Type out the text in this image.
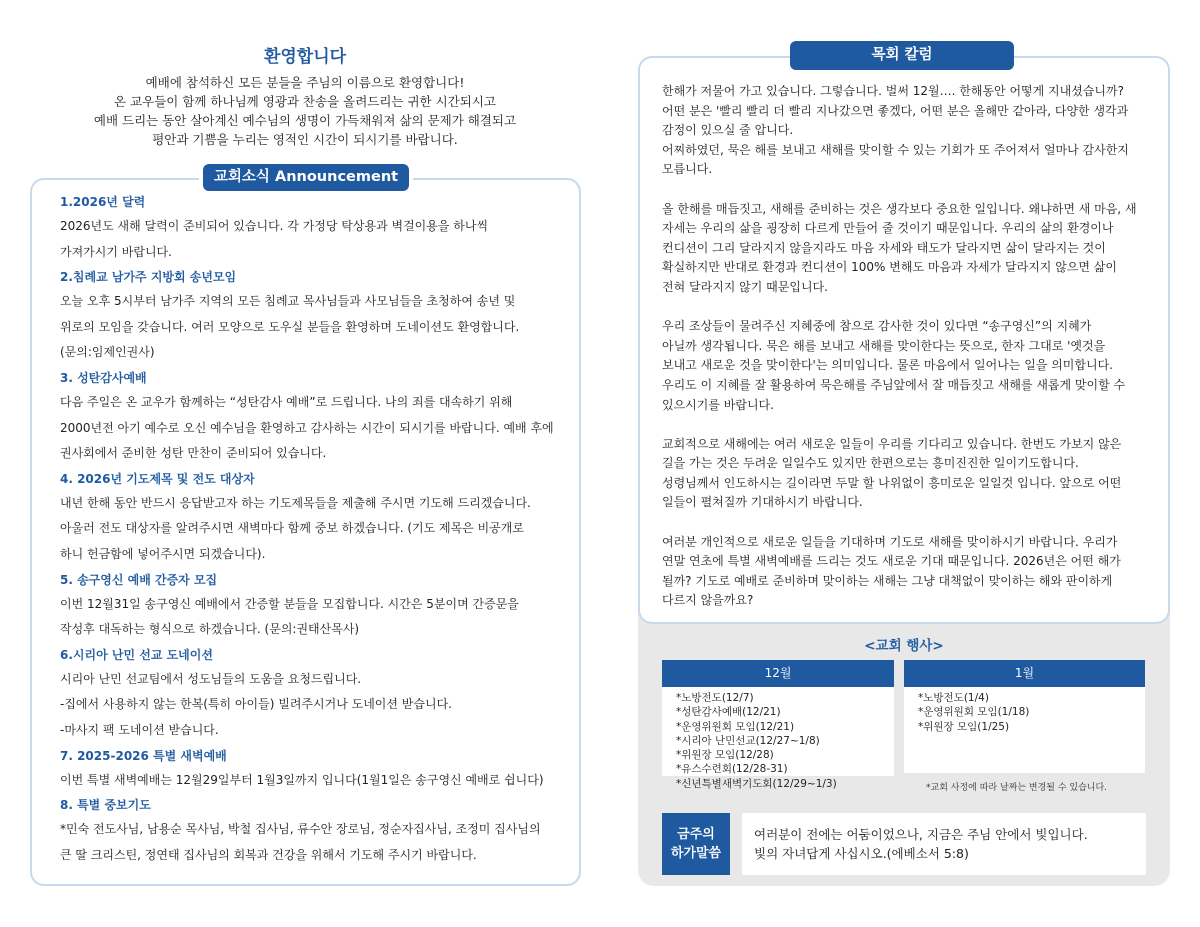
환영합니다
예배에 참석하신 모든 분들을 주님의 이름으로 환영합니다!
온 교우들이 함께 하나님께 영광과 찬송을 올려드리는 귀한 시간되시고
예배 드리는 동안 살아계신 예수님의 생명이 가득채워져 삶의 문제가 해결되고
평안과 기쁨을 누리는 영적인 시간이 되시기를 바랍니다.
교회소식 Announcement
1.2026년 달력
2026년도 새해 달력이 준비되어 있습니다. 각 가정당 탁상용과 벽걸이용을 하나씩
가져가시기 바랍니다.
2.침례교 남가주 지방회 송년모임
오늘 오후 5시부터 남가주 지역의 모든 침례교 목사님들과 사모님들을 초청하여 송년 및
위로의 모임을 갖습니다. 여러 모양으로 도우실 분들을 환영하며 도네이션도 환영합니다.
(문의:임제인권사)
3. 성탄감사예배
다음 주일은 온 교우가 함께하는 “성탄감사 예배”로 드립니다. 나의 죄를 대속하기 위해
2000년전 아기 예수로 오신 예수님을 환영하고 감사하는 시간이 되시기를 바랍니다. 예배 후에
권사회에서 준비한 성탄 만찬이 준비되어 있습니다.
4. 2026년 기도제목 및 전도 대상자
내년 한해 동안 반드시 응답받고자 하는 기도제목들을 제출해 주시면 기도해 드리겠습니다.
아울러 전도 대상자를 알려주시면 새벽마다 함께 중보 하겠습니다. (기도 제목은 비공개로
하니 헌금함에 넣어주시면 되겠습니다).
5. 송구영신 예배 간증자 모집
이번 12월31일 송구영신 예배에서 간증할 분들을 모집합니다. 시간은 5분이며 간증문을
작성후 대독하는 형식으로 하겠습니다. (문의:권태산목사)
6.시리아 난민 선교 도네이션
시리아 난민 선교팀에서 성도님들의 도움을 요청드립니다.
-집에서 사용하지 않는 한복(특히 아이들) 빌려주시거나 도네이션 받습니다.
-마사지 팩 도네이션 받습니다.
7. 2025-2026 특별 새벽예배
이번 특별 새벽예배는 12월29일부터 1월3일까지 입니다(1월1일은 송구영신 예배로 쉽니다)
8. 특별 중보기도
*민숙 전도사님, 남용순 목사님, 박철 집사님, 류수안 장로님, 정순자집사님, 조정미 집사님의
큰 딸 크리스틴, 정연태 집사님의 회복과 건강을 위해서 기도해 주시기 바랍니다.
목회 칼럼
한해가 저물어 가고 있습니다. 그렇습니다. 벌써 12월…. 한해동안 어떻게 지내셨습니까?
어떤 분은 '빨리 빨리 더 빨리 지나갔으면 좋겠다, 어떤 분은 올해만 같아라, 다양한 생각과
감정이 있으실 줄 압니다.
어찌하였던, 묵은 해를 보내고 새해를 맞이할 수 있는 기회가 또 주어져서 얼마나 감사한지
모릅니다.

올 한해를 매듭짓고, 새해를 준비하는 것은 생각보다 중요한 일입니다. 왜냐하면 새 마음, 새
자세는 우리의 삶을 굉장히 다르게 만들어 줄 것이기 때문입니다. 우리의 삶의 환경이나
컨디션이 그리 달라지지 않을지라도 마음 자세와 태도가 달라지면 삶이 달라지는 것이
확실하지만 반대로 환경과 컨디션이 100% 변해도 마음과 자세가 달라지지 않으면 삶이
전혀 달라지지 않기 때문입니다.

우리 조상들이 물려주신 지혜중에 참으로 감사한 것이 있다면 “송구영신”의 지혜가
아닐까 생각됩니다. 묵은 해를 보내고 새해를 맞이한다는 뜻으로, 한자 그대로 '옛것을
보내고 새로운 것을 맞이한다'는 의미입니다. 물론 마음에서 일어나는 일을 의미합니다.
우리도 이 지혜를 잘 활용하여 묵은해를 주님앞에서 잘 매듭짓고 새해를 새롭게 맞이할 수
있으시기를 바랍니다.

교회적으로 새해에는 여러 새로운 일들이 우리를 기다리고 있습니다. 한번도 가보지 않은
길을 가는 것은 두려운 일일수도 있지만 한편으로는 흥미진진한 일이기도합니다.
성령님께서 인도하시는 길이라면 두말 할 나위없이 흥미로운 일일것 입니다. 앞으로 어떤
일들이 펼쳐질까 기대하시기 바랍니다.

여러분 개인적으로 새로운 일들을 기대하며 기도로 새해를 맞이하시기 바랍니다. 우리가
연말 연초에 특별 새벽예배를 드리는 것도 새로운 기대 때문입니다. 2026년은 어떤 해가
될까? 기도로 예배로 준비하며 맞이하는 새해는 그냥 대책없이 맞이하는 해와 판이하게
다르지 않을까요?
<교회 행사>
12월
*노방전도(12/7)
*성탄감사예배(12/21)
*운영위원회 모임(12/21)
*시리아 난민선교(12/27~1/8)
*위원장 모임(12/28)
*유스수련회(12/28-31)
*신년특별새벽기도회(12/29~1/3)
1월
*노방전도(1/4)
*운영위원회 모임(1/18)
*위원장 모임(1/25)
*교회 사정에 따라 날짜는 변경될 수 있습니다.
금주의
하가말씀
여러분이 전에는 어둠이었으나, 지금은 주님 안에서 빛입니다.
빛의 자녀답게 사십시오.(에베소서 5:8)
